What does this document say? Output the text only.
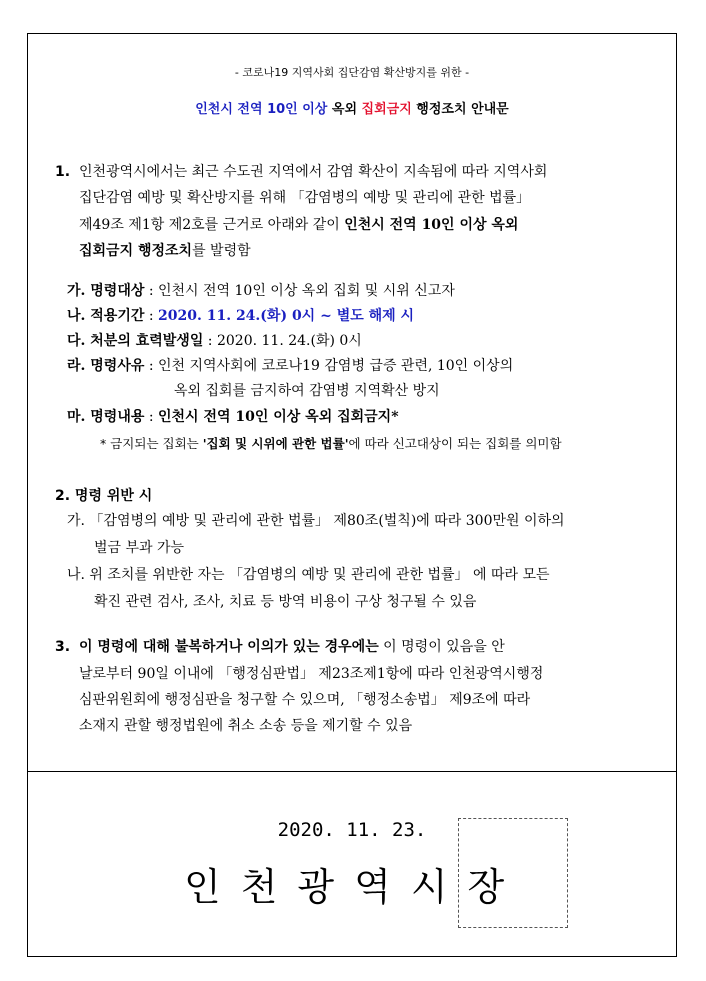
- 코로나19 지역사회 집단감염 확산방지를 위한 -
인천시 전역 10인 이상 옥외 집회금지 행정조치 안내문
1. 인천광역시에서는 최근 수도권 지역에서 감염 확산이 지속됨에 따라 지역사회
집단감염 예방 및 확산방지를 위해 「감염병의 예방 및 관리에 관한 법률」
제49조 제1항 제2호를 근거로 아래와 같이 인천시 전역 10인 이상 옥외
집회금지 행정조치를 발령함
가. 명령대상 : 인천시 전역 10인 이상 옥외 집회 및 시위 신고자
나. 적용기간 : 2020. 11. 24.(화) 0시 ~ 별도 해제 시
다. 처분의 효력발생일 : 2020. 11. 24.(화) 0시
라. 명령사유 : 인천 지역사회에 코로나19 감염병 급증 관련, 10인 이상의
옥외 집회를 금지하여 감염병 지역확산 방지
마. 명령내용 : 인천시 전역 10인 이상 옥외 집회금지*
* 금지되는 집회는 '집회 및 시위에 관한 법률'에 따라 신고대상이 되는 집회를 의미함
2. 명령 위반 시
가. 「감염병의 예방 및 관리에 관한 법률」 제80조(벌칙)에 따라 300만원 이하의
벌금 부과 가능
나. 위 조치를 위반한 자는 「감염병의 예방 및 관리에 관한 법률」 에 따라 모든
확진 관련 검사, 조사, 치료 등 방역 비용이 구상 청구될 수 있음
3. 이 명령에 대해 불복하거나 이의가 있는 경우에는 이 명령이 있음을 안
날로부터 90일 이내에 「행정심판법」 제23조제1항에 따라 인천광역시행정
심판위원회에 행정심판을 청구할 수 있으며, 「행정소송법」 제9조에 따라
소재지 관할 행정법원에 취소 소송 등을 제기할 수 있음
2020. 11. 23.
인천광역시장
